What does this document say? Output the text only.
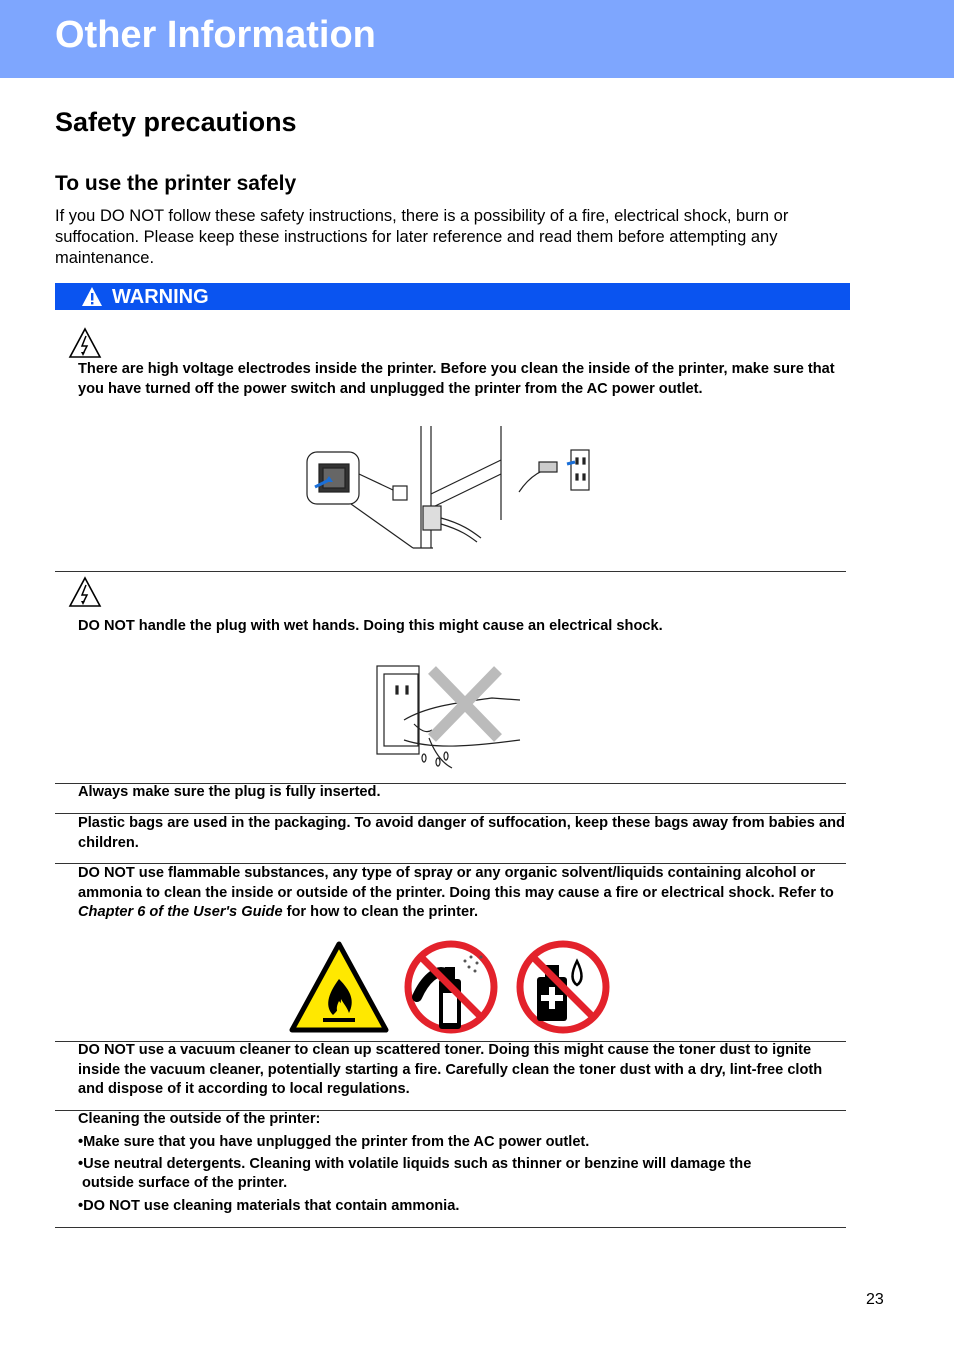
Other Information
Safety precautions
To use the printer safely

If you DO NOT follow these safety instructions, there is a possibility of a fire, electrical shock, burn or suffocation. Please keep these instructions for later reference and read them before attempting any maintenance.

WARNING

There are high voltage electrodes inside the printer. Before you clean the inside of the printer, make sure that you have turned off the power switch and unplugged the printer from the AC power outlet.

DO NOT handle the plug with wet hands. Doing this might cause an electrical shock.

Always make sure the plug is fully inserted.

Plastic bags are used in the packaging. To avoid danger of suffocation, keep these bags away from babies and children.

DO NOT use flammable substances, any type of spray or any organic solvent/liquids containing alcohol or ammonia to clean the inside or outside of the printer. Doing this may cause a fire or electrical shock. Refer to Chapter 6 of the User's Guide for how to clean the printer.

DO NOT use a vacuum cleaner to clean up scattered toner. Doing this might cause the toner dust to ignite inside the vacuum cleaner, potentially starting a fire. Carefully clean the toner dust with a dry, lint-free cloth and dispose of it according to local regulations.

Cleaning the outside of the printer:

•Make sure that you have unplugged the printer from the AC power outlet.

•Use neutral detergents. Cleaning with volatile liquids such as thinner or benzine will damage the

outside surface of the printer.

•DO NOT use cleaning materials that contain ammonia.

23
